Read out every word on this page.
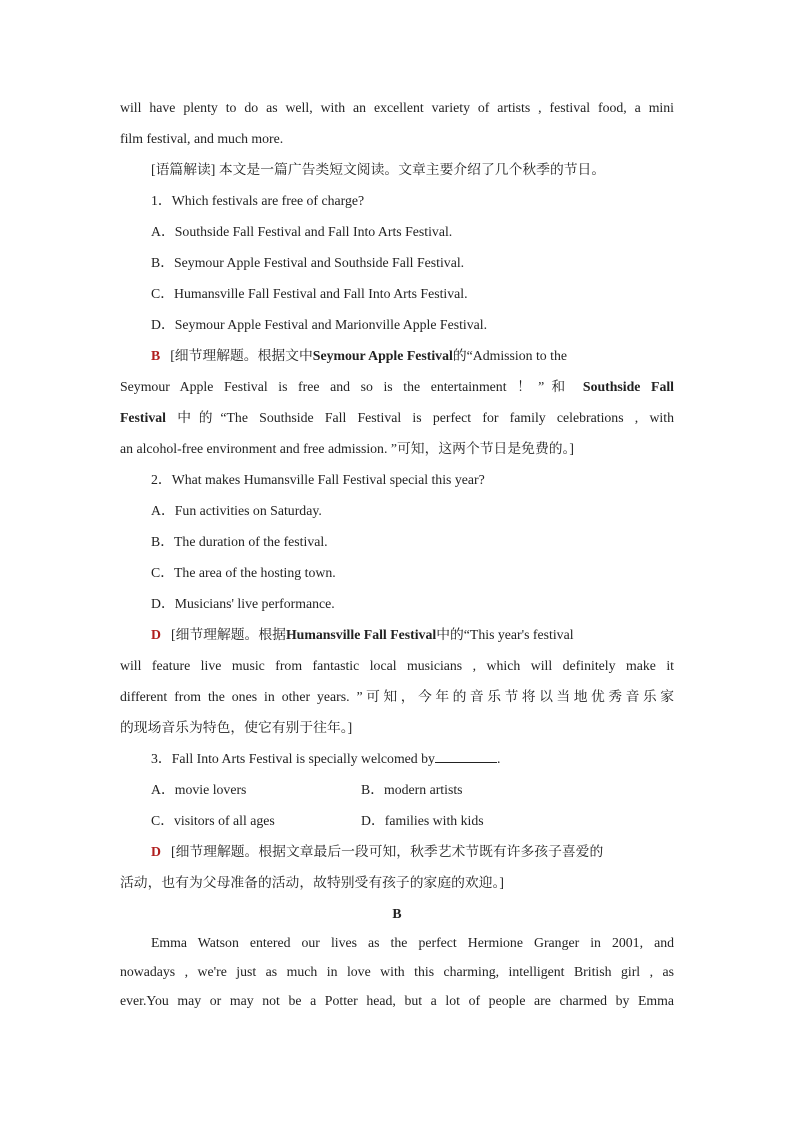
will have plenty to do as well, with an excellent variety of artists , festival food, a mini
film festival, and much more.
[语篇解读] 本文是一篇广告类短文阅读。文章主要介绍了几个秋季的节日。
1．Which festivals are free of charge?
A．Southside Fall Festival and Fall Into Arts Festival.
B．Seymour Apple Festival and Southside Fall Festival.
C．Humansville Fall Festival and Fall Into Arts Festival.
D．Seymour Apple Festival and Marionville Apple Festival.
B [细节理解题。根据文中Seymour Apple Festival的“Admission to the
Seymour Apple Festival is free and so is the entertainment ！”和 Southside Fall
Festival 中的“The Southside Fall Festival is perfect for family celebrations , with
an alcohol-free environment and free admission. ”可知，这两个节日是免费的。]
2．What makes Humansville Fall Festival special this year?
A．Fun activities on Saturday.
B．The duration of the festival.
C．The area of the hosting town.
D．Musicians' live performance.
D [细节理解题。根据Humansville Fall Festival中的“This year's festival
will feature live music from fantastic local musicians , which will definitely make it
different from the ones in other years. ”可知，今年的音乐节将以当地优秀音乐家
的现场音乐为特色，使它有别于往年。]
3．Fall Into Arts Festival is specially welcomed by	.
A．movie lovers	B．modern artists
C．visitors of all ages	D．families with kids
D [细节理解题。根据文章最后一段可知，秋季艺术节既有许多孩子喜爱的
活动，也有为父母准备的活动，故特别受有孩子的家庭的欢迎。]
B
Emma Watson entered our lives as the perfect Hermione Granger in 2001, and
nowadays , we're just as much in love with this charming, intelligent British girl , as
ever.You may or may not be a Potter head, but a lot of people are charmed by Emma
